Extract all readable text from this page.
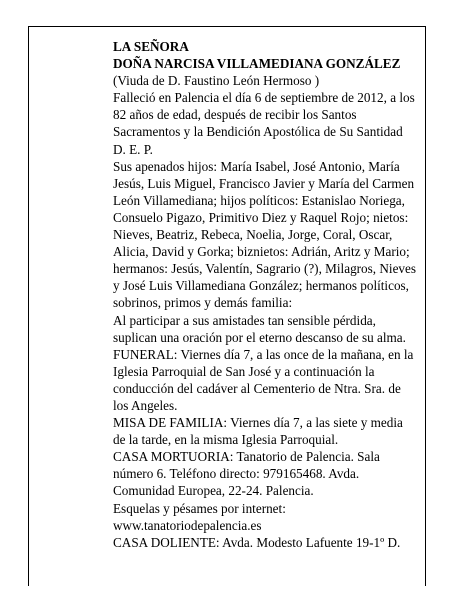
LA SEÑORA

DOÑA NARCISA VILLAMEDIANA GONZÁLEZ

(Viuda de D. Faustino León Hermoso )

Falleció en Palencia el día 6 de septiembre de 2012, a los 82 años de edad, después de recibir los Santos Sacramentos y la Bendición Apostólica de Su Santidad

D. E. P.

Sus apenados hijos: María Isabel, José Antonio, María Jesús, Luis Miguel, Francisco Javier y María del Carmen León Villamediana; hijos políticos: Estanislao Noriega, Consuelo Pigazo, Primitivo Diez y Raquel Rojo; nietos: Nieves, Beatriz, Rebeca, Noelia, Jorge, Coral, Oscar, Alicia, David y Gorka; biznietos: Adrián, Aritz y Mario; hermanos: Jesús, Valentín, Sagrario (?), Milagros, Nieves y José Luis Villamediana González; hermanos políticos, sobrinos, primos y demás familia:

Al participar a sus amistades tan sensible pérdida, suplican una oración por el eterno descanso de su alma.

FUNERAL: Viernes día 7, a las once de la mañana, en la Iglesia Parroquial de San José y a continuación la conducción del cadáver al Cementerio de Ntra. Sra. de los Angeles.

MISA DE FAMILIA: Viernes día 7, a las siete y media de la tarde, en la misma Iglesia Parroquial.

CASA MORTUORIA: Tanatorio de Palencia. Sala número 6. Teléfono directo: 979165468. Avda. Comunidad Europea, 22-24. Palencia.

Esquelas y pésames por internet:

www.tanatoriodepalencia.es

CASA DOLIENTE: Avda. Modesto Lafuente 19-1º D.
